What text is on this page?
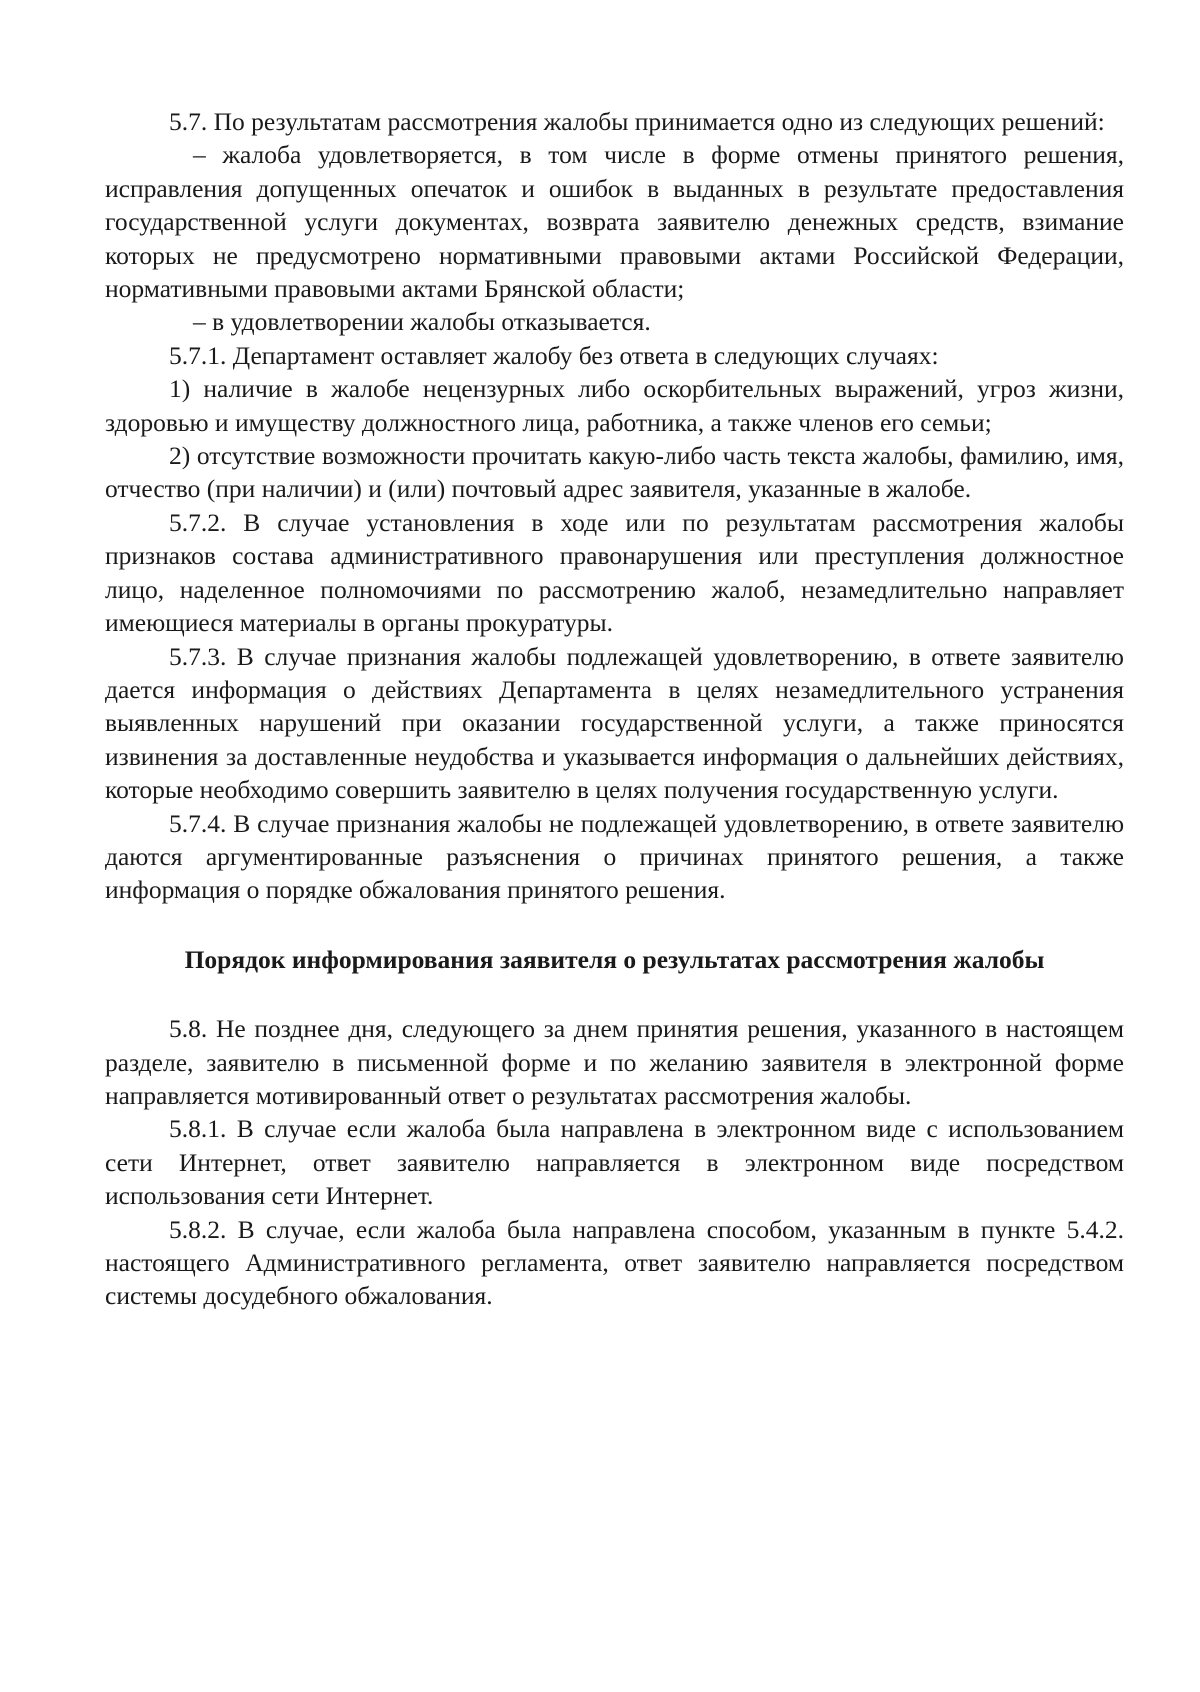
5.7. По результатам рассмотрения жалобы принимается одно из следующих решений:

– жалоба удовлетворяется, в том числе в форме отмены принятого решения, исправления допущенных опечаток и ошибок в выданных в результате предоставления государственной услуги документах, возврата заявителю денежных средств, взимание которых не предусмотрено нормативными правовыми актами Российской Федерации, нормативными правовыми актами Брянской области;

– в удовлетворении жалобы отказывается.

5.7.1. Департамент оставляет жалобу без ответа в следующих случаях:

1) наличие в жалобе нецензурных либо оскорбительных выражений, угроз жизни, здоровью и имуществу должностного лица, работника, а также членов его семьи;

2) отсутствие возможности прочитать какую-либо часть текста жалобы, фамилию, имя, отчество (при наличии) и (или) почтовый адрес заявителя, указанные в жалобе.

5.7.2. В случае установления в ходе или по результатам рассмотрения жалобы признаков состава административного правонарушения или преступления должностное лицо, наделенное полномочиями по рассмотрению жалоб, незамедлительно направляет имеющиеся материалы в органы прокуратуры.

5.7.3. В случае признания жалобы подлежащей удовлетворению, в ответе заявителю дается информация о действиях Департамента в целях незамедлительного устранения выявленных нарушений при оказании государственной услуги, а также приносятся извинения за доставленные неудобства и указывается информация о дальнейших действиях, которые необходимо совершить заявителю в целях получения государственную услуги.

5.7.4. В случае признания жалобы не подлежащей удовлетворению, в ответе заявителю даются аргументированные разъяснения о причинах принятого решения, а также информация о порядке обжалования принятого решения.

Порядок информирования заявителя о результатах рассмотрения жалобы

5.8. Не позднее дня, следующего за днем принятия решения, указанного в настоящем разделе, заявителю в письменной форме и по желанию заявителя в электронной форме направляется мотивированный ответ о результатах рассмотрения жалобы.

5.8.1. В случае если жалоба была направлена в электронном виде с использованием сети Интернет, ответ заявителю направляется в электронном виде посредством использования сети Интернет.

5.8.2. В случае, если жалоба была направлена способом, указанным в пункте 5.4.2. настоящего Административного регламента, ответ заявителю направляется посредством системы досудебного обжалования.
